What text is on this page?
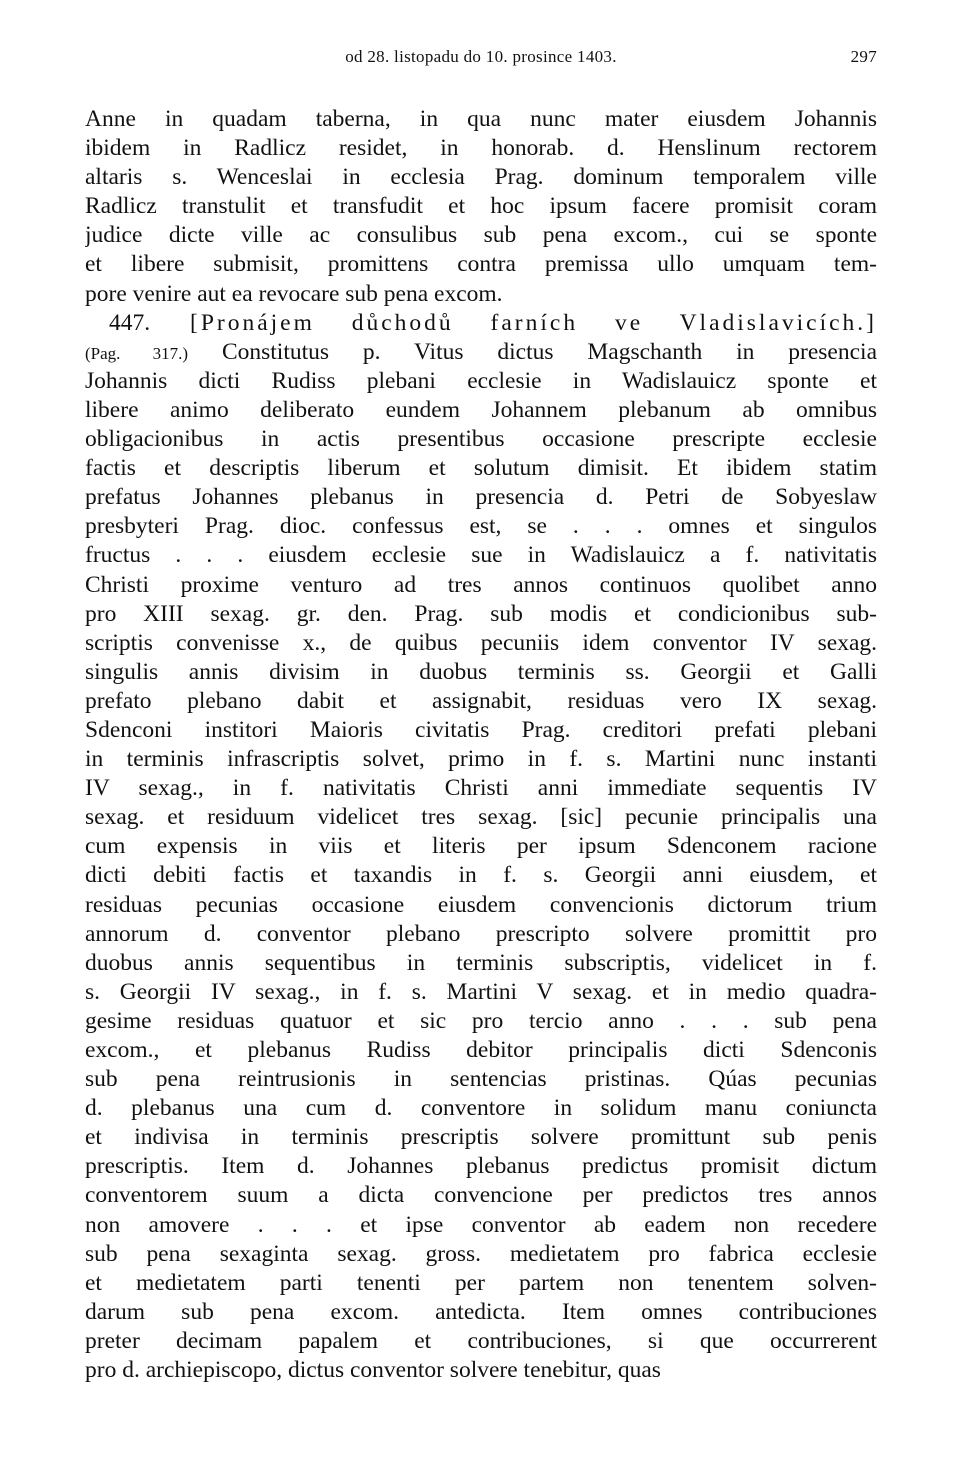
od 28. listopadu do 10. prosince 1403.	297
Anne in quadam taberna, in qua nunc mater eiusdem Johannis
ibidem in Radlicz residet, in honorab. d. Henslinum rectorem
altaris s. Wenceslai in ecclesia Prag. dominum temporalem ville
Radlicz transtulit et transfudit et hoc ipsum facere promisit coram
judice dicte ville ac consulibus sub pena excom., cui se sponte
et libere submisit, promittens contra premissa ullo umquam tem-
pore venire aut ea revocare sub pena excom.
447. [Pronájem důchodů farních ve Vladislavicích.]
(Pag. 317.) Constitutus p. Vitus dictus Magschanth in presencia
Johannis dicti Rudiss plebani ecclesie in Wadislauicz sponte et
libere animo deliberato eundem Johannem plebanum ab omnibus
obligacionibus in actis presentibus occasione prescripte ecclesie
factis et descriptis liberum et solutum dimisit. Et ibidem statim
prefatus Johannes plebanus in presencia d. Petri de Sobyeslaw
presbyteri Prag. dioc. confessus est, se . . . omnes et singulos
fructus . . . eiusdem ecclesie sue in Wadislauicz a f. nativitatis
Christi proxime venturo ad tres annos continuos quolibet anno
pro XIII sexag. gr. den. Prag. sub modis et condicionibus sub-
scriptis convenisse x., de quibus pecuniis idem conventor IV sexag.
singulis annis divisim in duobus terminis ss. Georgii et Galli
prefato plebano dabit et assignabit, residuas vero IX sexag.
Sdenconi institori Maioris civitatis Prag. creditori prefati plebani
in terminis infrascriptis solvet, primo in f. s. Martini nunc instanti
IV sexag., in f. nativitatis Christi anni immediate sequentis IV
sexag. et residuum videlicet tres sexag. [sic] pecunie principalis una
cum expensis in viis et literis per ipsum Sdenconem racione
dicti debiti factis et taxandis in f. s. Georgii anni eiusdem, et
residuas pecunias occasione eiusdem convencionis dictorum trium
annorum d. conventor plebano prescripto solvere promittit pro
duobus annis sequentibus in terminis subscriptis, videlicet in f.
s. Georgii IV sexag., in f. s. Martini V sexag. et in medio quadra-
gesime residuas quatuor et sic pro tercio anno . . . sub pena
excom., et plebanus Rudiss debitor principalis dicti Sdenconis
sub pena reintrusionis in sentencias pristinas. Qúas pecunias
d. plebanus una cum d. conventore in solidum manu coniuncta
et indivisa in terminis prescriptis solvere promittunt sub penis
prescriptis. Item d. Johannes plebanus predictus promisit dictum
conventorem suum a dicta convencione per predictos tres annos
non amovere . . . et ipse conventor ab eadem non recedere
sub pena sexaginta sexag. gross. medietatem pro fabrica ecclesie
et medietatem parti tenenti per partem non tenentem solven-
darum sub pena excom. antedicta. Item omnes contribuciones
preter decimam papalem et contribuciones, si que occurrerent
pro d. archiepiscopo, dictus conventor solvere tenebitur, quas
